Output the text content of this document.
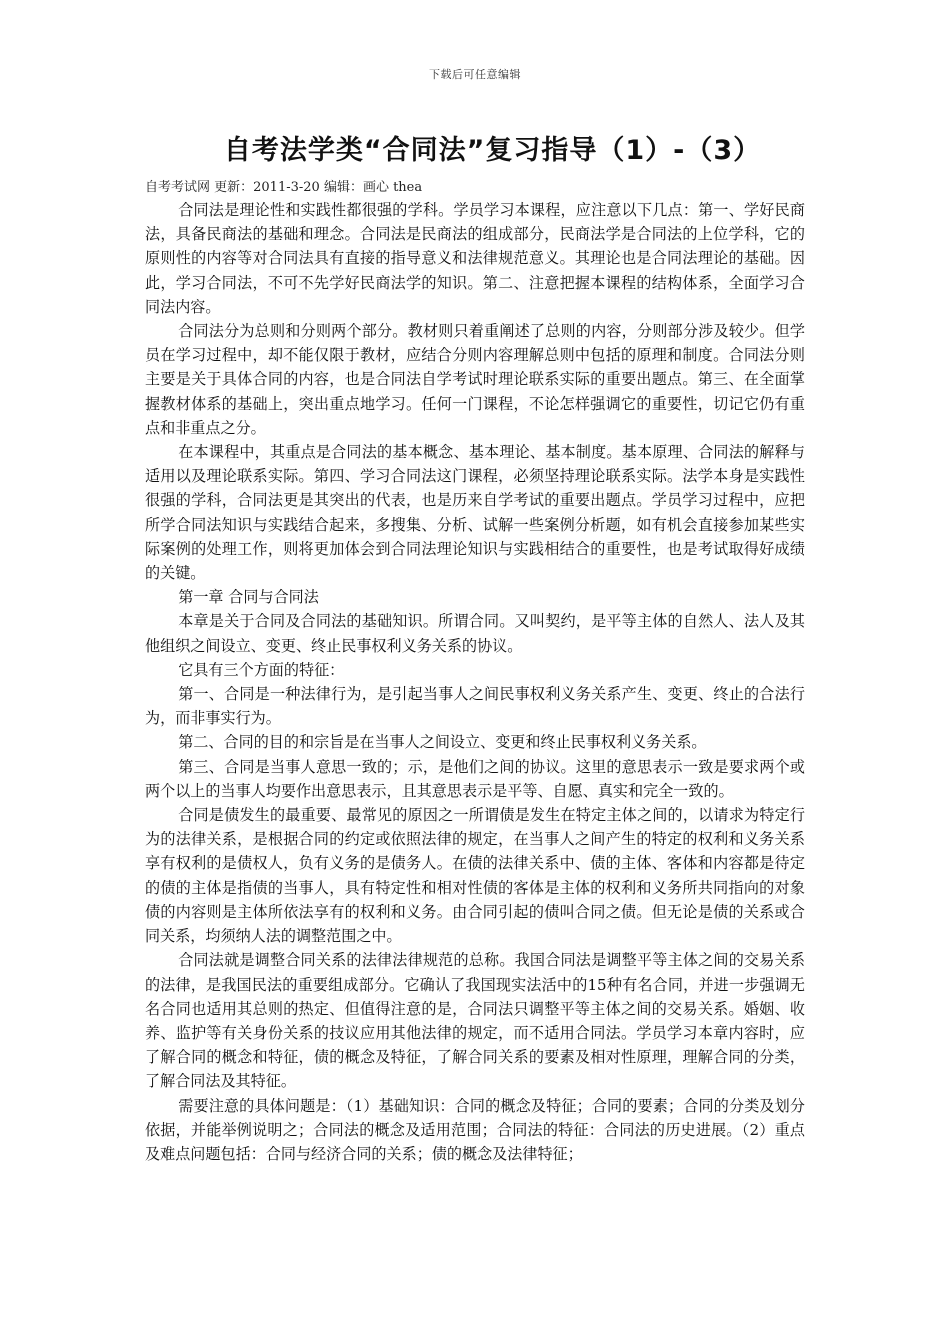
下载后可任意编辑
自考法学类“合同法”复习指导（1）-（3）
自考考试网 更新：2011-3-20 编辑：画心 thea

合同法是理论性和实践性都很强的学科。学员学习本课程，应注意以下几点：第一、学好民商法，具备民商法的基础和理念。合同法是民商法的组成部分，民商法学是合同法的上位学科，它的原则性的内容等对合同法具有直接的指导意义和法律规范意义。其理论也是合同法理论的基础。因此，学习合同法，不可不先学好民商法学的知识。第二、注意把握本课程的结构体系，全面学习合同法内容。

合同法分为总则和分则两个部分。教材则只着重阐述了总则的内容，分则部分涉及较少。但学员在学习过程中，却不能仅限于教材，应结合分则内容理解总则中包括的原理和制度。合同法分则主要是关于具体合同的内容，也是合同法自学考试时理论联系实际的重要出题点。第三、在全面掌握教材体系的基础上，突出重点地学习。任何一门课程，不论怎样强调它的重要性，切记它仍有重点和非重点之分。

在本课程中，其重点是合同法的基本概念、基本理论、基本制度。基本原理、合同法的解释与适用以及理论联系实际。第四、学习合同法这门课程，必须坚持理论联系实际。法学本身是实践性很强的学科，合同法更是其突出的代表，也是历来自学考试的重要出题点。学员学习过程中，应把所学合同法知识与实践结合起来，多搜集、分析、试解一些案例分析题，如有机会直接参加某些实际案例的处理工作，则将更加体会到合同法理论知识与实践相结合的重要性，也是考试取得好成绩的关键。

第一章 合同与合同法

本章是关于合同及合同法的基础知识。所谓合同。又叫契约，是平等主体的自然人、法人及其他组织之间设立、变更、终止民事权利义务关系的协议。

它具有三个方面的特征：

第一、合同是一种法律行为，是引起当事人之间民事权利义务关系产生、变更、终止的合法行为，而非事实行为。

第二、合同的目的和宗旨是在当事人之间设立、变更和终止民事权利义务关系。

第三、合同是当事人意思一致的；示，是他们之间的协议。这里的意思表示一致是要求两个或两个以上的当事人均要作出意思表示，且其意思表示是平等、自愿、真实和完全一致的。

合同是债发生的最重要、最常见的原因之一所谓债是发生在特定主体之间的，以请求为特定行为的法律关系，是根据合同的约定或依照法律的规定，在当事人之间产生的特定的权利和义务关系享有权利的是债权人，负有义务的是债务人。在债的法律关系中、债的主体、客体和内容都是待定的债的主体是指债的当事人，具有特定性和相对性债的客体是主体的权利和义务所共同指向的对象债的内容则是主体所依法享有的权利和义务。由合同引起的债叫合同之债。但无论是债的关系或合同关系，均须纳人法的调整范围之中。

合同法就是调整合同关系的法律法律规范的总称。我国合同法是调整平等主体之间的交易关系的法律，是我国民法的重要组成部分。它确认了我国现实法活中的15种有名合同，并进一步强调无名合同也适用其总则的热定、但值得注意的是，合同法只调整平等主体之间的交易关系。婚姻、收养、监护等有关身份关系的技议应用其他法律的规定，而不适用合同法。学员学习本章内容时，应了解合同的概念和特征，债的概念及特征，了解合同关系的要素及相对性原理，理解合同的分类，了解合同法及其特征。

需要注意的具体问题是：（1）基础知识：合同的概念及特征；合同的要素；合同的分类及划分依据，并能举例说明之；合同法的概念及适用范围；合同法的特征：合同法的历史进展。（2）重点及难点问题包括：合同与经济合同的关系；债的概念及法律特征；
